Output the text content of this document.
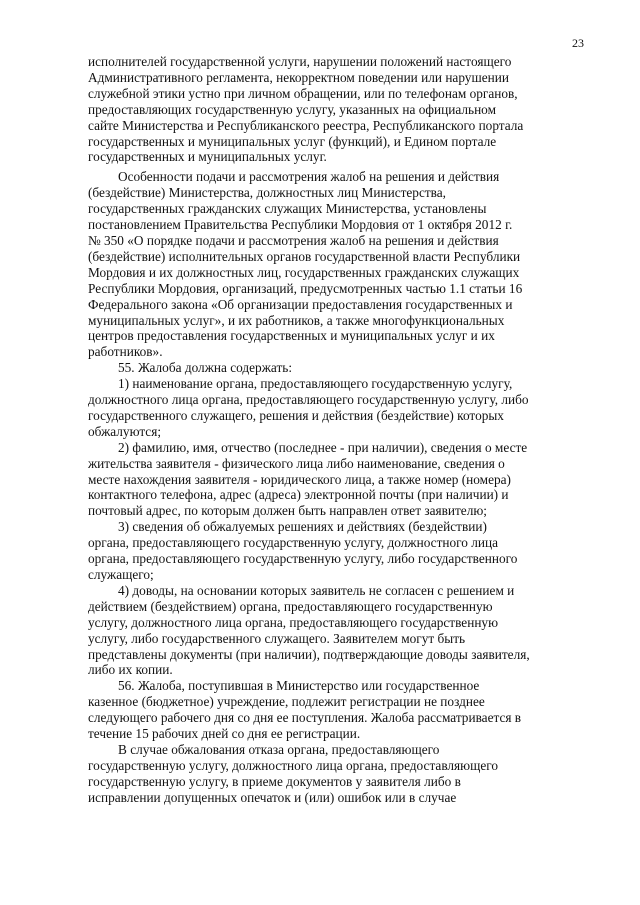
23

исполнителей государственной услуги, нарушении положений настоящего
Административного регламента, некорректном поведении или нарушении
служебной этики устно при личном обращении, или по телефонам органов,
предоставляющих государственную услугу, указанных на официальном
сайте Министерства и Республиканского реестра, Республиканского портала
государственных и муниципальных услуг (функций), и Едином портале
государственных и муниципальных услуг.

Особенности подачи и рассмотрения жалоб на решения и действия
(бездействие) Министерства, должностных лиц Министерства,
государственных гражданских служащих Министерства, установлены
постановлением Правительства Республики Мордовия от 1 октября 2012 г.
№ 350 «О порядке подачи и рассмотрения жалоб на решения и действия
(бездействие) исполнительных органов государственной власти Республики
Мордовия и их должностных лиц, государственных гражданских служащих
Республики Мордовия, организаций, предусмотренных частью 1.1 статьи 16
Федерального закона «Об организации предоставления государственных и
муниципальных услуг», и их работников, а также многофункциональных
центров предоставления государственных и муниципальных услуг и их
работников».

55. Жалоба должна содержать:

1) наименование органа, предоставляющего государственную услугу,
должностного лица органа, предоставляющего государственную услугу, либо
государственного служащего, решения и действия (бездействие) которых
обжалуются;

2) фамилию, имя, отчество (последнее - при наличии), сведения о месте
жительства заявителя - физического лица либо наименование, сведения о
месте нахождения заявителя - юридического лица, а также номер (номера)
контактного телефона, адрес (адреса) электронной почты (при наличии) и
почтовый адрес, по которым должен быть направлен ответ заявителю;

3) сведения об обжалуемых решениях и действиях (бездействии)
органа, предоставляющего государственную услугу, должностного лица
органа, предоставляющего государственную услугу, либо государственного
служащего;

4) доводы, на основании которых заявитель не согласен с решением и
действием (бездействием) органа, предоставляющего государственную
услугу, должностного лица органа, предоставляющего государственную
услугу, либо государственного служащего. Заявителем могут быть
представлены документы (при наличии), подтверждающие доводы заявителя,
либо их копии.

56. Жалоба, поступившая в Министерство или государственное
казенное (бюджетное) учреждение, подлежит регистрации не позднее
следующего рабочего дня со дня ее поступления. Жалоба рассматривается в
течение 15 рабочих дней со дня ее регистрации.

В случае обжалования отказа органа, предоставляющего
государственную услугу, должностного лица органа, предоставляющего
государственную услугу, в приеме документов у заявителя либо в
исправлении допущенных опечаток и (или) ошибок или в случае
